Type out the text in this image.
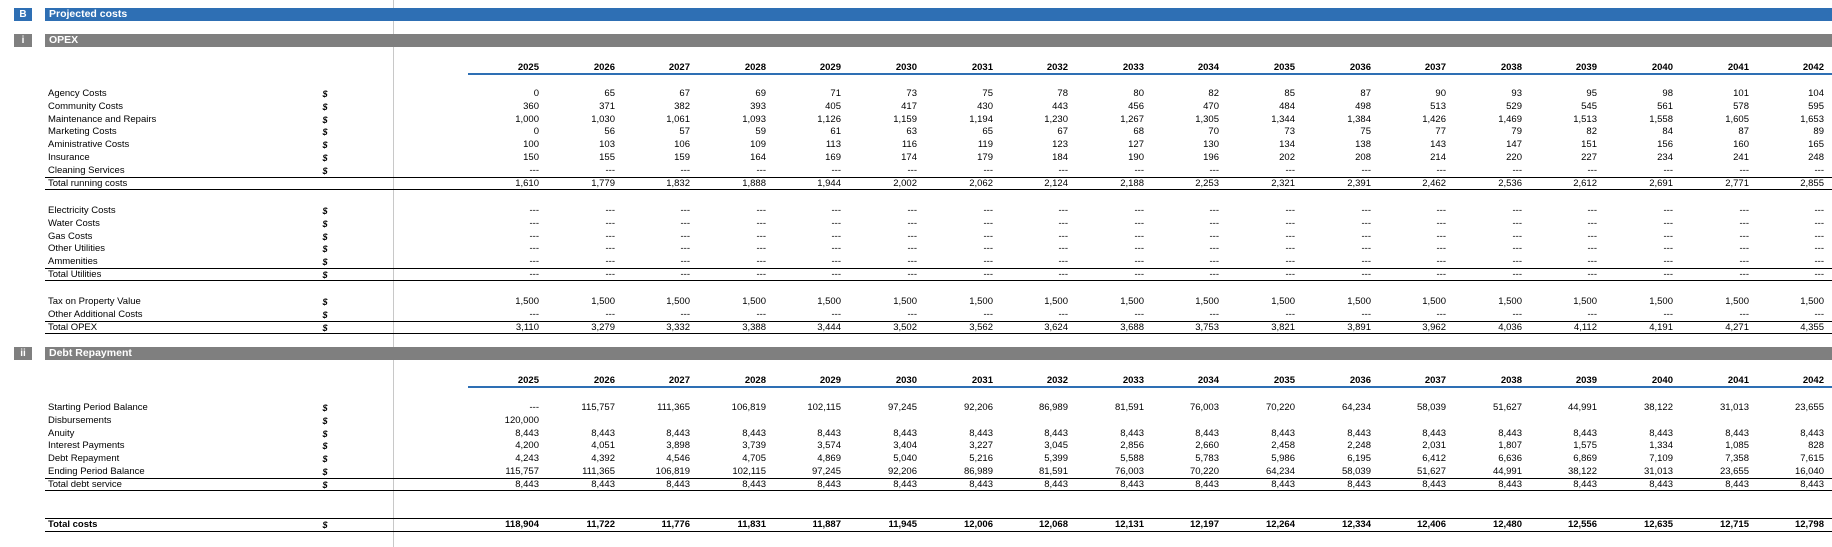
B	Projected costs
i	OPEX
2025	2026	2027	2028	2029	2030	2031	2032	2033	2034	2035	2036	2037	2038	2039	2040	2041	2042
Agency Costs	$	0	65	67	69	71	73	75	78	80	82	85	87	90	93	95	98	101	104
Community Costs	$	360	371	382	393	405	417	430	443	456	470	484	498	513	529	545	561	578	595
Maintenance and Repairs	$	1,000	1,030	1,061	1,093	1,126	1,159	1,194	1,230	1,267	1,305	1,344	1,384	1,426	1,469	1,513	1,558	1,605	1,653
Marketing Costs	$	0	56	57	59	61	63	65	67	68	70	73	75	77	79	82	84	87	89
Aministrative Costs	$	100	103	106	109	113	116	119	123	127	130	134	138	143	147	151	156	160	165
Insurance	$	150	155	159	164	169	174	179	184	190	196	202	208	214	220	227	234	241	248
Cleaning Services	$	---	---	---	---	---	---	---	---	---	---	---	---	---	---	---	---	---	---
Total running costs	1,610	1,779	1,832	1,888	1,944	2,002	2,062	2,124	2,188	2,253	2,321	2,391	2,462	2,536	2,612	2,691	2,771	2,855
Electricity Costs	$	---	---	---	---	---	---	---	---	---	---	---	---	---	---	---	---	---	---
Water Costs	$	---	---	---	---	---	---	---	---	---	---	---	---	---	---	---	---	---	---
Gas Costs	$	---	---	---	---	---	---	---	---	---	---	---	---	---	---	---	---	---	---
Other Utilities	$	---	---	---	---	---	---	---	---	---	---	---	---	---	---	---	---	---	---
Ammenities	$	---	---	---	---	---	---	---	---	---	---	---	---	---	---	---	---	---	---
Total Utilities	$	---	---	---	---	---	---	---	---	---	---	---	---	---	---	---	---	---	---
Tax on Property Value	$	1,500	1,500	1,500	1,500	1,500	1,500	1,500	1,500	1,500	1,500	1,500	1,500	1,500	1,500	1,500	1,500	1,500	1,500
Other Additional Costs	$	---	---	---	---	---	---	---	---	---	---	---	---	---	---	---	---	---	---
Total OPEX	$	3,110	3,279	3,332	3,388	3,444	3,502	3,562	3,624	3,688	3,753	3,821	3,891	3,962	4,036	4,112	4,191	4,271	4,355
ii	Debt Repayment
2025	2026	2027	2028	2029	2030	2031	2032	2033	2034	2035	2036	2037	2038	2039	2040	2041	2042
Starting Period Balance	$	---	115,757	111,365	106,819	102,115	97,245	92,206	86,989	81,591	76,003	70,220	64,234	58,039	51,627	44,991	38,122	31,013	23,655
Disbursements	$	120,000
Anuity	$	8,443	8,443	8,443	8,443	8,443	8,443	8,443	8,443	8,443	8,443	8,443	8,443	8,443	8,443	8,443	8,443	8,443	8,443
Interest Payments	$	4,200	4,051	3,898	3,739	3,574	3,404	3,227	3,045	2,856	2,660	2,458	2,248	2,031	1,807	1,575	1,334	1,085	828
Debt Repayment	$	4,243	4,392	4,546	4,705	4,869	5,040	5,216	5,399	5,588	5,783	5,986	6,195	6,412	6,636	6,869	7,109	7,358	7,615
Ending Period Balance	$	115,757	111,365	106,819	102,115	97,245	92,206	86,989	81,591	76,003	70,220	64,234	58,039	51,627	44,991	38,122	31,013	23,655	16,040
Total debt service	$	8,443	8,443	8,443	8,443	8,443	8,443	8,443	8,443	8,443	8,443	8,443	8,443	8,443	8,443	8,443	8,443	8,443	8,443
Total costs	$	118,904	11,722	11,776	11,831	11,887	11,945	12,006	12,068	12,131	12,197	12,264	12,334	12,406	12,480	12,556	12,635	12,715	12,798
